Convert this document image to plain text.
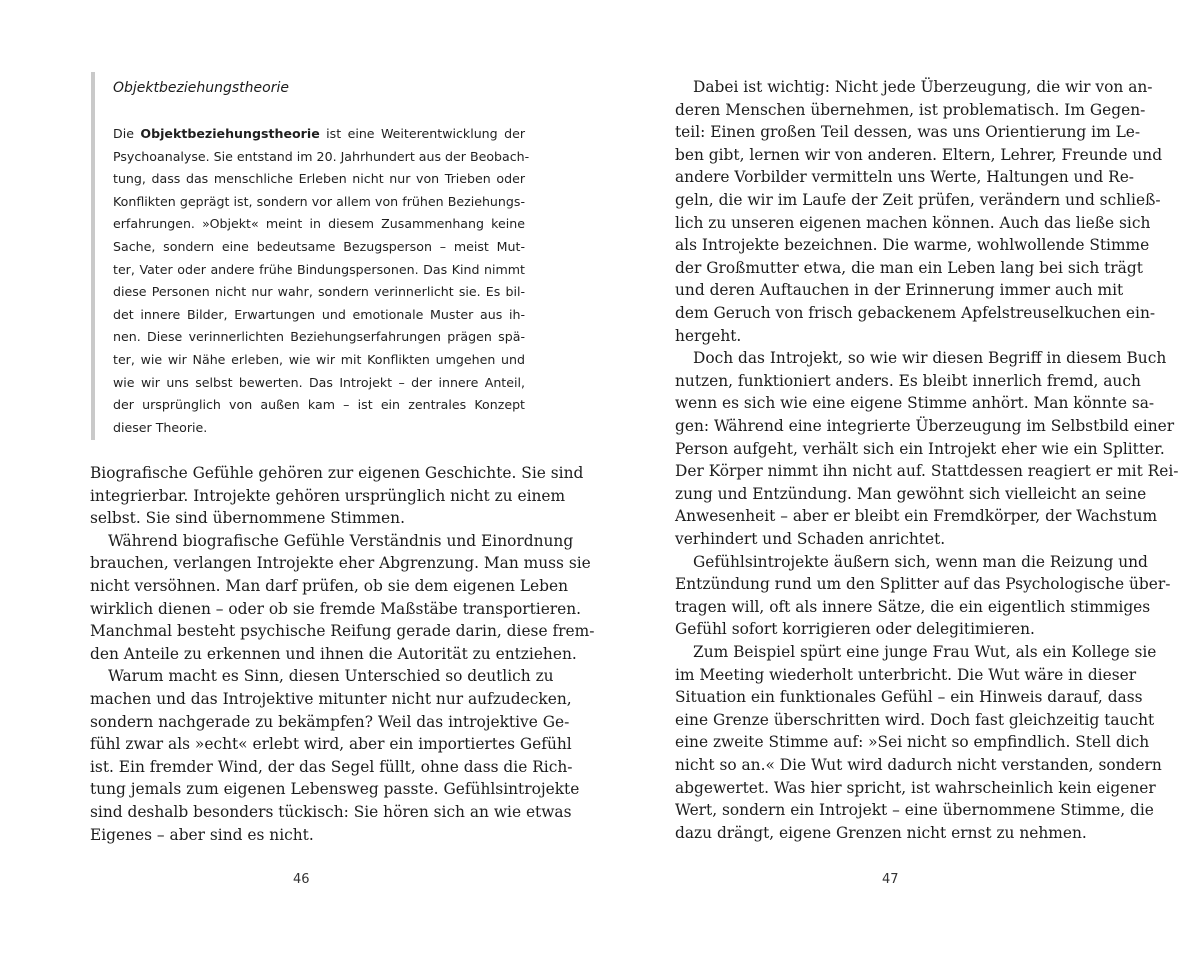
Objektbeziehungstheorie

Die Objektbeziehungstheorie ist eine Weiterentwicklung der

Psychoanalyse. Sie entstand im 20. Jahrhundert aus der Beobach-

tung, dass das menschliche Erleben nicht nur von Trieben oder

Konflikten geprägt ist, sondern vor allem von frühen Beziehungs-

erfahrungen. »Objekt« meint in diesem Zusammenhang keine

Sache, sondern eine bedeutsame Bezugsperson – meist Mut-

ter, Vater oder andere frühe Bindungspersonen. Das Kind nimmt

diese Personen nicht nur wahr, sondern verinnerlicht sie. Es bil-

det innere Bilder, Erwartungen und emotionale Muster aus ih-

nen. Diese verinnerlichten Beziehungserfahrungen prägen spä-

ter, wie wir Nähe erleben, wie wir mit Konflikten umgehen und

wie wir uns selbst bewerten. Das Introjekt – der innere Anteil,

der ursprünglich von außen kam – ist ein zentrales Konzept

dieser Theorie.

Biografische Gefühle gehören zur eigenen Geschichte. Sie sind

integrierbar. Introjekte gehören ursprünglich nicht zu einem

selbst. Sie sind übernommene Stimmen.

Während biografische Gefühle Verständnis und Einordnung

brauchen, verlangen Introjekte eher Abgrenzung. Man muss sie

nicht versöhnen. Man darf prüfen, ob sie dem eigenen Leben

wirklich dienen – oder ob sie fremde Maßstäbe transportieren.

Manchmal besteht psychische Reifung gerade darin, diese frem-

den Anteile zu erkennen und ihnen die Autorität zu entziehen.

Warum macht es Sinn, diesen Unterschied so deutlich zu

machen und das Introjektive mitunter nicht nur aufzudecken,

sondern nachgerade zu bekämpfen? Weil das introjektive Ge-

fühl zwar als »echt« erlebt wird, aber ein importiertes Gefühl

ist. Ein fremder Wind, der das Segel füllt, ohne dass die Rich-

tung jemals zum eigenen Lebensweg passte. Gefühlsintrojekte

sind deshalb besonders tückisch: Sie hören sich an wie etwas

Eigenes – aber sind es nicht.

Dabei ist wichtig: Nicht jede Überzeugung, die wir von an-

deren Menschen übernehmen, ist problematisch. Im Gegen-

teil: Einen großen Teil dessen, was uns Orientierung im Le-

ben gibt, lernen wir von anderen. Eltern, Lehrer, Freunde und

andere Vorbilder vermitteln uns Werte, Haltungen und Re-

geln, die wir im Laufe der Zeit prüfen, verändern und schließ-

lich zu unseren eigenen machen können. Auch das ließe sich

als Introjekte bezeichnen. Die warme, wohlwollende Stimme

der Großmutter etwa, die man ein Leben lang bei sich trägt

und deren Auftauchen in der Erinnerung immer auch mit

dem Geruch von frisch gebackenem Apfelstreuselkuchen ein-

hergeht.

Doch das Introjekt, so wie wir diesen Begriff in diesem Buch

nutzen, funktioniert anders. Es bleibt innerlich fremd, auch

wenn es sich wie eine eigene Stimme anhört. Man könnte sa-

gen: Während eine integrierte Überzeugung im Selbstbild einer

Person aufgeht, verhält sich ein Introjekt eher wie ein Splitter.

Der Körper nimmt ihn nicht auf. Stattdessen reagiert er mit Rei-

zung und Entzündung. Man gewöhnt sich vielleicht an seine

Anwesenheit – aber er bleibt ein Fremdkörper, der Wachstum

verhindert und Schaden anrichtet.

Gefühlsintrojekte äußern sich, wenn man die Reizung und

Entzündung rund um den Splitter auf das Psychologische über-

tragen will, oft als innere Sätze, die ein eigentlich stimmiges

Gefühl sofort korrigieren oder delegitimieren.

Zum Beispiel spürt eine junge Frau Wut, als ein Kollege sie

im Meeting wiederholt unterbricht. Die Wut wäre in dieser

Situation ein funktionales Gefühl – ein Hinweis darauf, dass

eine Grenze überschritten wird. Doch fast gleichzeitig taucht

eine zweite Stimme auf: »Sei nicht so empfindlich. Stell dich

nicht so an.« Die Wut wird dadurch nicht verstanden, sondern

abgewertet. Was hier spricht, ist wahrscheinlich kein eigener

Wert, sondern ein Introjekt – eine übernommene Stimme, die

dazu drängt, eigene Grenzen nicht ernst zu nehmen.

46	47
